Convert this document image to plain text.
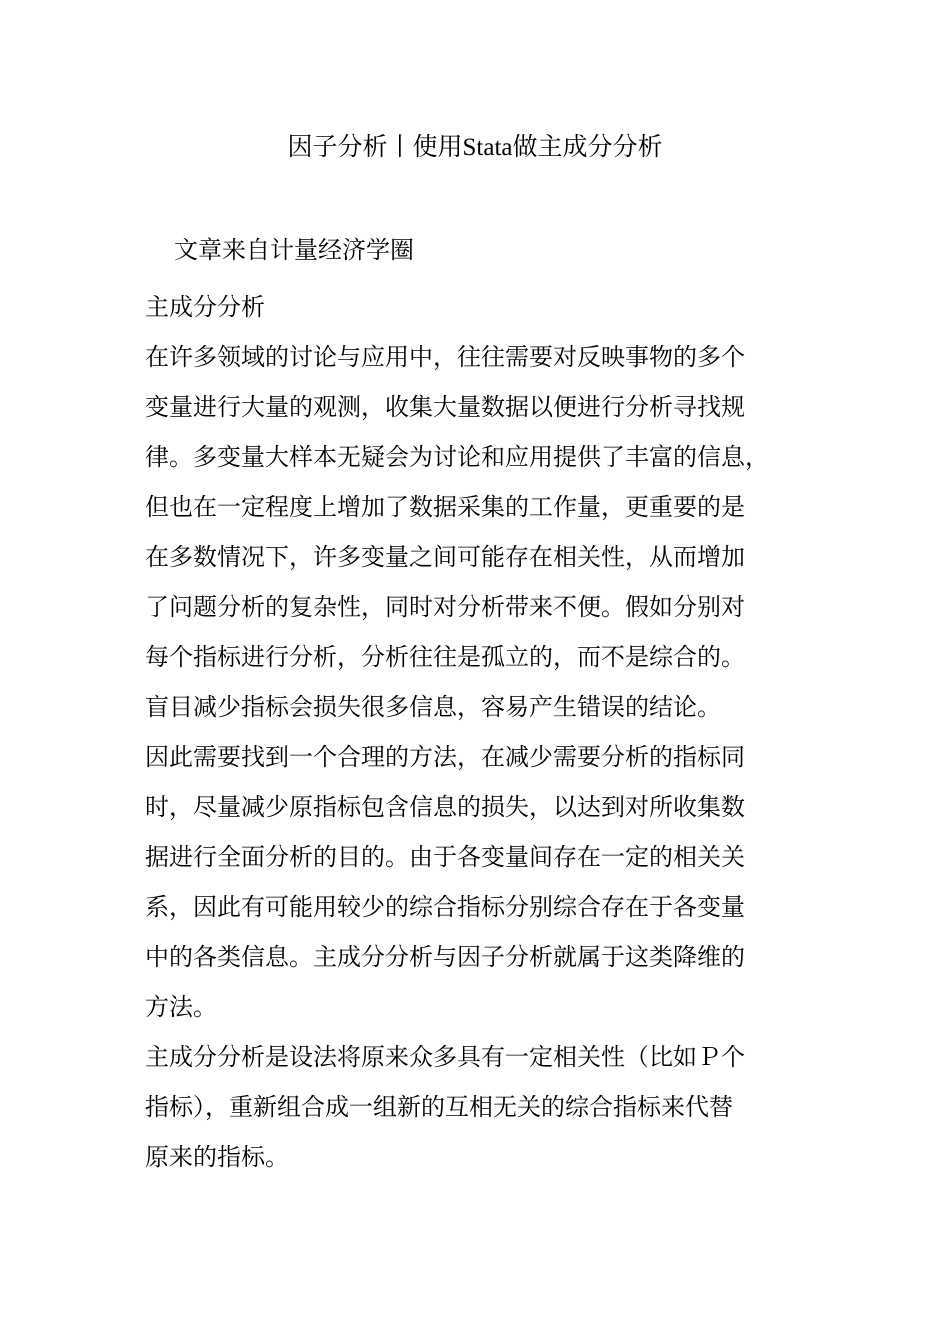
因子分析丨使用Stata做主成分分析

文章来自计量经济学圈

主成分分析

在许多领域的讨论与应用中，往往需要对反映事物的多个
变量进行大量的观测，收集大量数据以便进行分析寻找规
律。多变量大样本无疑会为讨论和应用提供了丰富的信息，
但也在一定程度上增加了数据采集的工作量，更重要的是
在多数情况下，许多变量之间可能存在相关性，从而增加
了问题分析的复杂性，同时对分析带来不便。假如分别对
每个指标进行分析，分析往往是孤立的，而不是综合的。
盲目减少指标会损失很多信息，容易产生错误的结论。

因此需要找到一个合理的方法，在减少需要分析的指标同
时，尽量减少原指标包含信息的损失，以达到对所收集数
据进行全面分析的目的。由于各变量间存在一定的相关关
系，因此有可能用较少的综合指标分别综合存在于各变量
中的各类信息。主成分分析与因子分析就属于这类降维的
方法。

主成分分析是设法将原来众多具有一定相关性（比如Ｐ个
指标），重新组合成一组新的互相无关的综合指标来代替
原来的指标。
